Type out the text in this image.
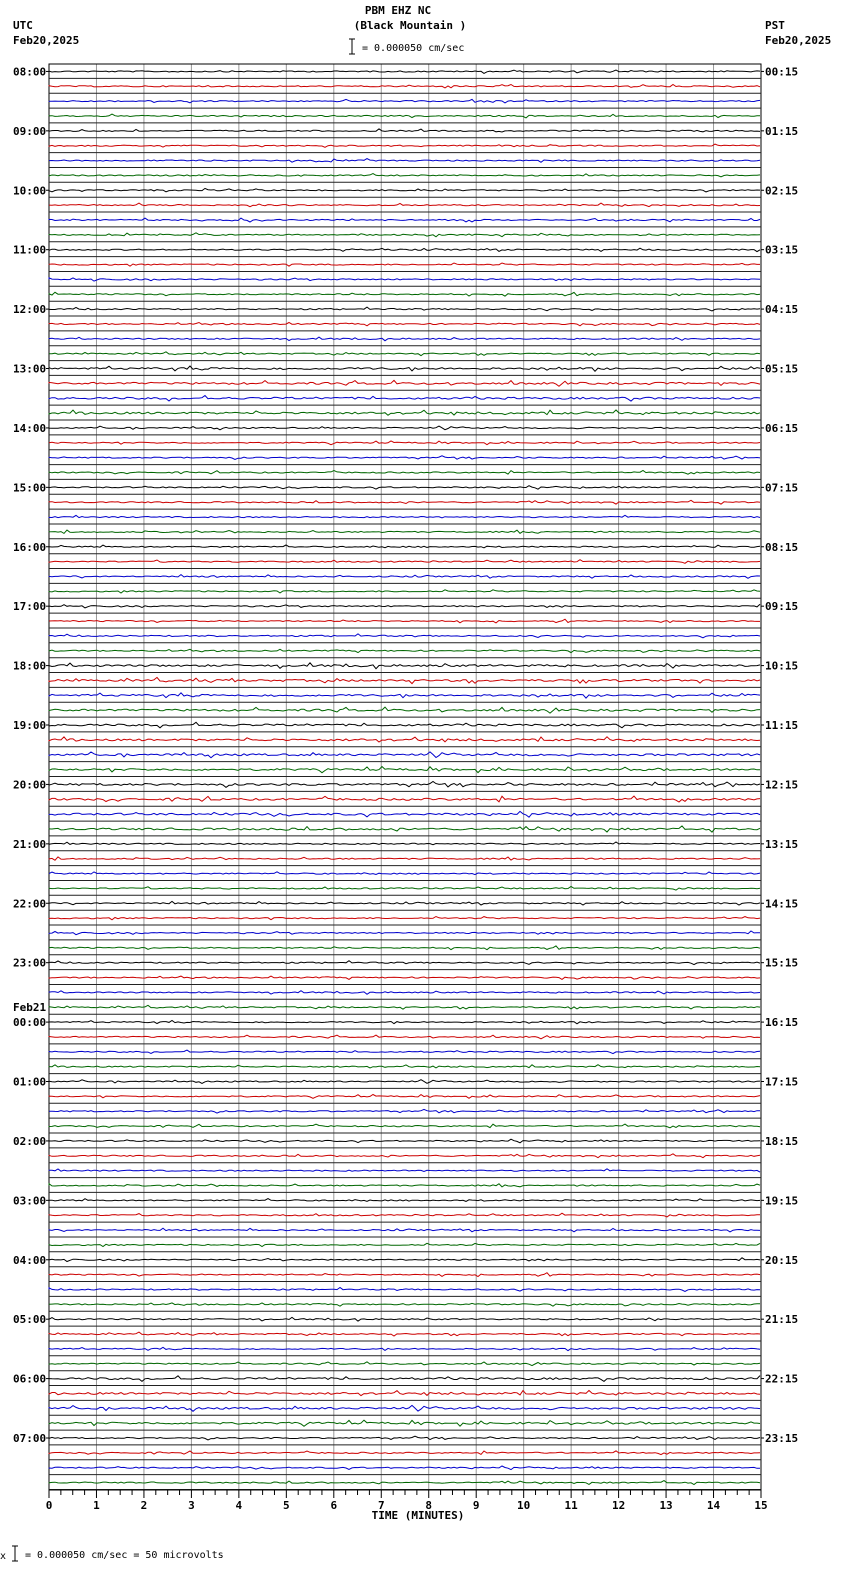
PBM EHZ NC
(Black Mountain )
= 0.000050 cm/sec
UTC
Feb20,2025
PST
Feb20,2025
08:00
09:00
10:00
11:00
12:00
13:00
14:00
15:00
16:00
17:00
18:00
19:00
20:00
21:00
22:00
23:00
00:00
01:00
02:00
03:00
04:00
05:00
06:00
07:00
Feb21
00:15
01:15
02:15
03:15
04:15
05:15
06:15
07:15
08:15
09:15
10:15
11:15
12:15
13:15
14:15
15:15
16:15
17:15
18:15
19:15
20:15
21:15
22:15
23:15
0	1	2	3	4	5	6	7	8	9	10	11	12	13	14	15
TIME (MINUTES)
x = 0.000050 cm/sec = 50 microvolts
